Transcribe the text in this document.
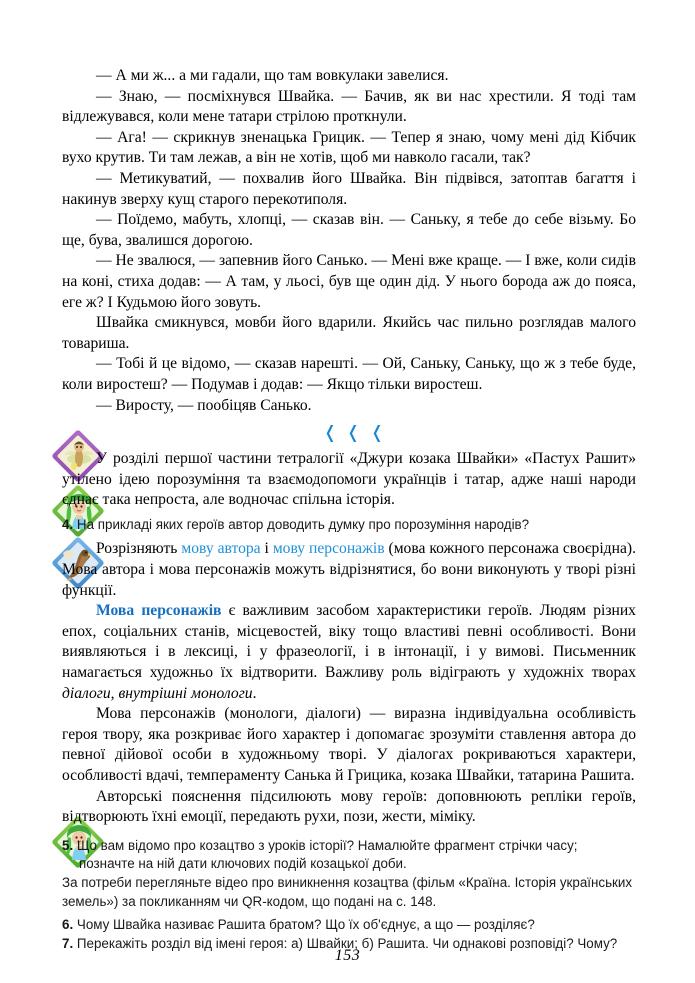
— А ми ж... а ми гадали, що там вовкулаки завелися.

— Знаю, — посміхнувся Швайка. — Бачив, як ви нас хрестили. Я тоді там відлежувався, коли мене татари стрілою проткнули.

— Ага! — скрикнув зненацька Грицик. — Тепер я знаю, чому мені дід Кібчик вухо крутив. Ти там лежав, а він не хотів, щоб ми навколо гасали, так?

— Метикуватий, — похвалив його Швайка. Він підвівся, затоптав багаття і накинув зверху кущ старого перекотиполя.

— Поїдемо, мабуть, хлопці, — сказав він. — Саньку, я тебе до себе візьму. Бо ще, бува, звалишся дорогою.

— Не звалюся, — запевнив його Санько. — Мені вже краще. — І вже, коли сидів на коні, стиха додав: — А там, у льосі, був ще один дід. У нього борода аж до пояса, еге ж? І Кудьмою його зовуть.

Швайка смикнувся, мовби його вдарили. Якийсь час пильно розглядав малого товариша.

— Тобі й це відомо, — сказав нарешті. — Ой, Саньку, Саньку, що ж з тебе буде, коли виростеш? — Подумав і додав: — Якщо тільки виростеш.

— Виросту, — пообіцяв Санько.

❭❭❭

У розділі першої частини тетралогії «Джури козака Швайки» «Пастух Рашит» утілено ідею порозуміння та взаємодопомоги українців і татар, адже наші народи єднає така непроста, але водночас спільна історія.

4. На прикладі яких героїв автор доводить думку про порозуміння народів?

Розрізняють мову автора і мову персонажів (мова кожного персонажа своєрідна). Мова автора і мова персонажів можуть відрізнятися, бо вони виконують у творі різні функції.

Мова персонажів є важливим засобом характеристики героїв. Людям різних епох, соціальних станів, місцевостей, віку тощо властиві певні особливості. Вони виявляються і в лексиці, і у фразеології, і в інтонації, і у вимові. Письменник намагається художньо їх відтворити. Важливу роль відіграють у художніх творах діалоги, внутрішні монологи.

Мова персонажів (монологи, діалоги) — виразна індивідуальна особливість героя твору, яка розкриває його характер і допомагає зрозуміти ставлення автора до певної дійової особи в художньому творі. У діалогах рокриваються характери, особливості вдачі, темпераменту Санька й Грицика, козака Швайки, татарина Рашита.

Авторські пояснення підсилюють мову героїв: доповнюють репліки героїв, відтворюють їхні емоції, передають рухи, пози, жести, міміку.

5. Що вам відомо про козацтво з уроків історії? Намалюйте фрагмент стрічки часу; позначте на ній дати ключових подій козацької доби.

За потреби перегляньте відео про виникнення козацтва (фільм «Країна. Історія українських земель») за покликанням чи QR-кодом, що подані на с. 148.

6. Чому Швайка називає Рашита братом? Що їх об'єднує, а що — розділяє?

7. Перекажіть розділ від імені героя: а) Швайки; б) Рашита. Чи однакові розповіді? Чому?

153
